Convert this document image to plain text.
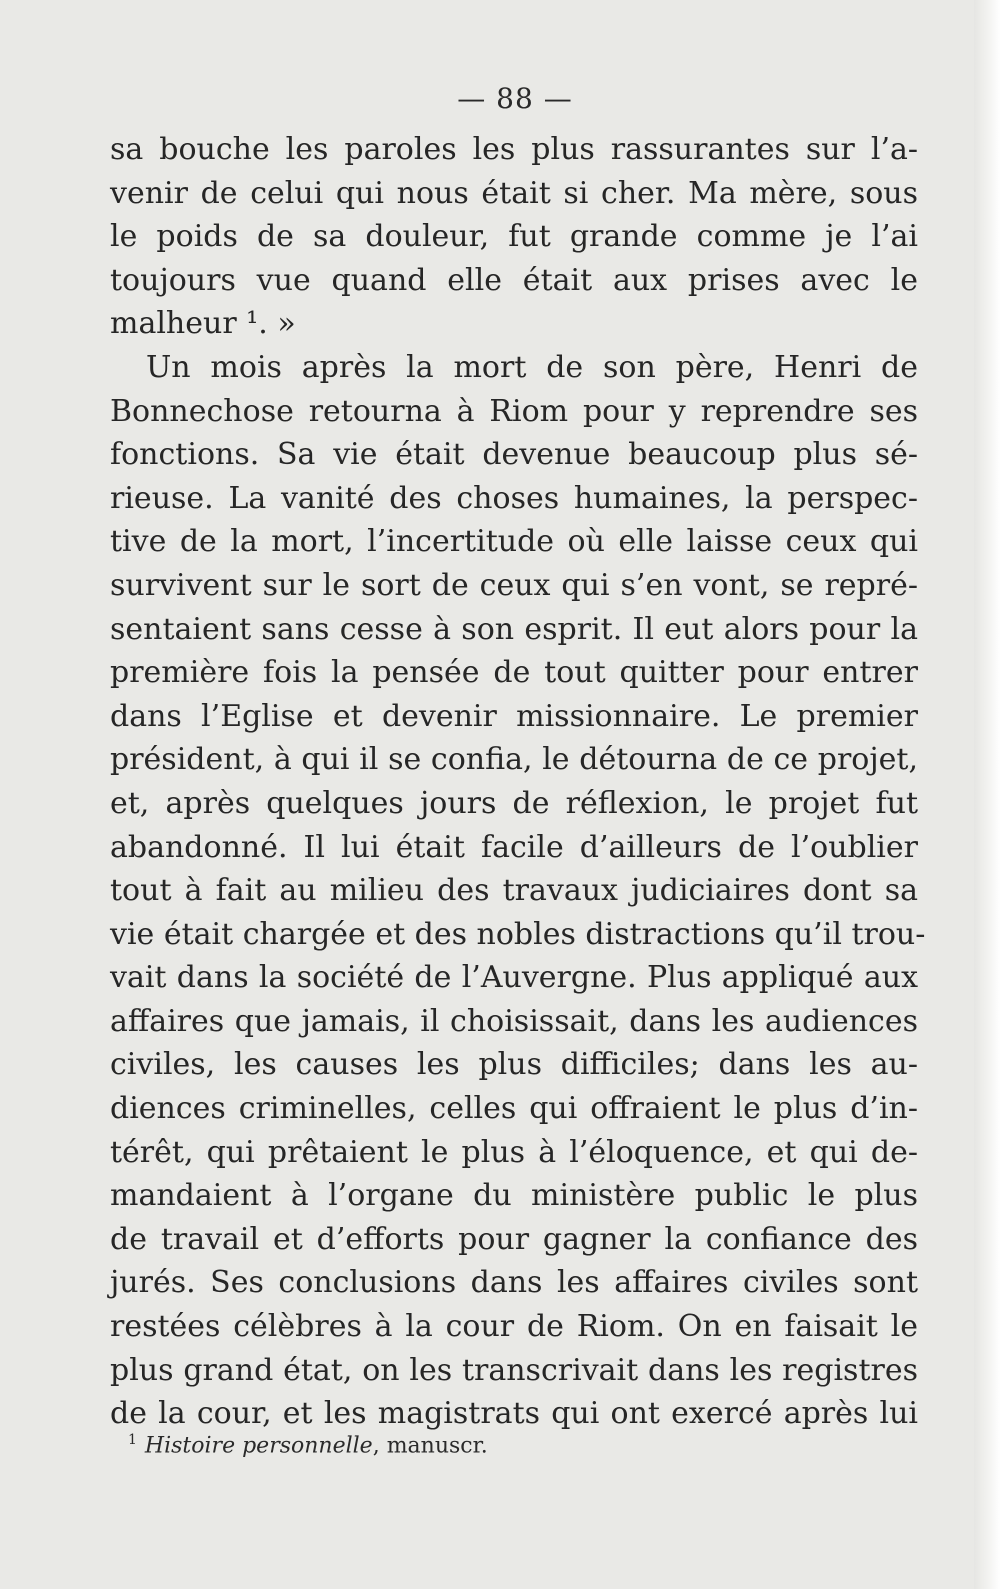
— 88 —
sa bouche les paroles les plus rassurantes sur l’a-
venir de celui qui nous était si cher. Ma mère, sous
le poids de sa douleur, fut grande comme je l’ai
toujours vue quand elle était aux prises avec le
malheur ¹. »
Un mois après la mort de son père, Henri de
Bonnechose retourna à Riom pour y reprendre ses
fonctions. Sa vie était devenue beaucoup plus sé-
rieuse. La vanité des choses humaines, la perspec-
tive de la mort, l’incertitude où elle laisse ceux qui
survivent sur le sort de ceux qui s’en vont, se repré-
sentaient sans cesse à son esprit. Il eut alors pour la
première fois la pensée de tout quitter pour entrer
dans l’Eglise et devenir missionnaire. Le premier
président, à qui il se confia, le détourna de ce projet,
et, après quelques jours de réflexion, le projet fut
abandonné. Il lui était facile d’ailleurs de l’oublier
tout à fait au milieu des travaux judiciaires dont sa
vie était chargée et des nobles distractions qu’il trou-
vait dans la société de l’Auvergne. Plus appliqué aux
affaires que jamais, il choisissait, dans les audiences
civiles, les causes les plus difficiles; dans les au-
diences criminelles, celles qui offraient le plus d’in-
térêt, qui prêtaient le plus à l’éloquence, et qui de-
mandaient à l’organe du ministère public le plus
de travail et d’efforts pour gagner la confiance des
jurés. Ses conclusions dans les affaires civiles sont
restées célèbres à la cour de Riom. On en faisait le
plus grand état, on les transcrivait dans les registres
de la cour, et les magistrats qui ont exercé après lui
$^1$ Histoire personnelle, manuscr.
